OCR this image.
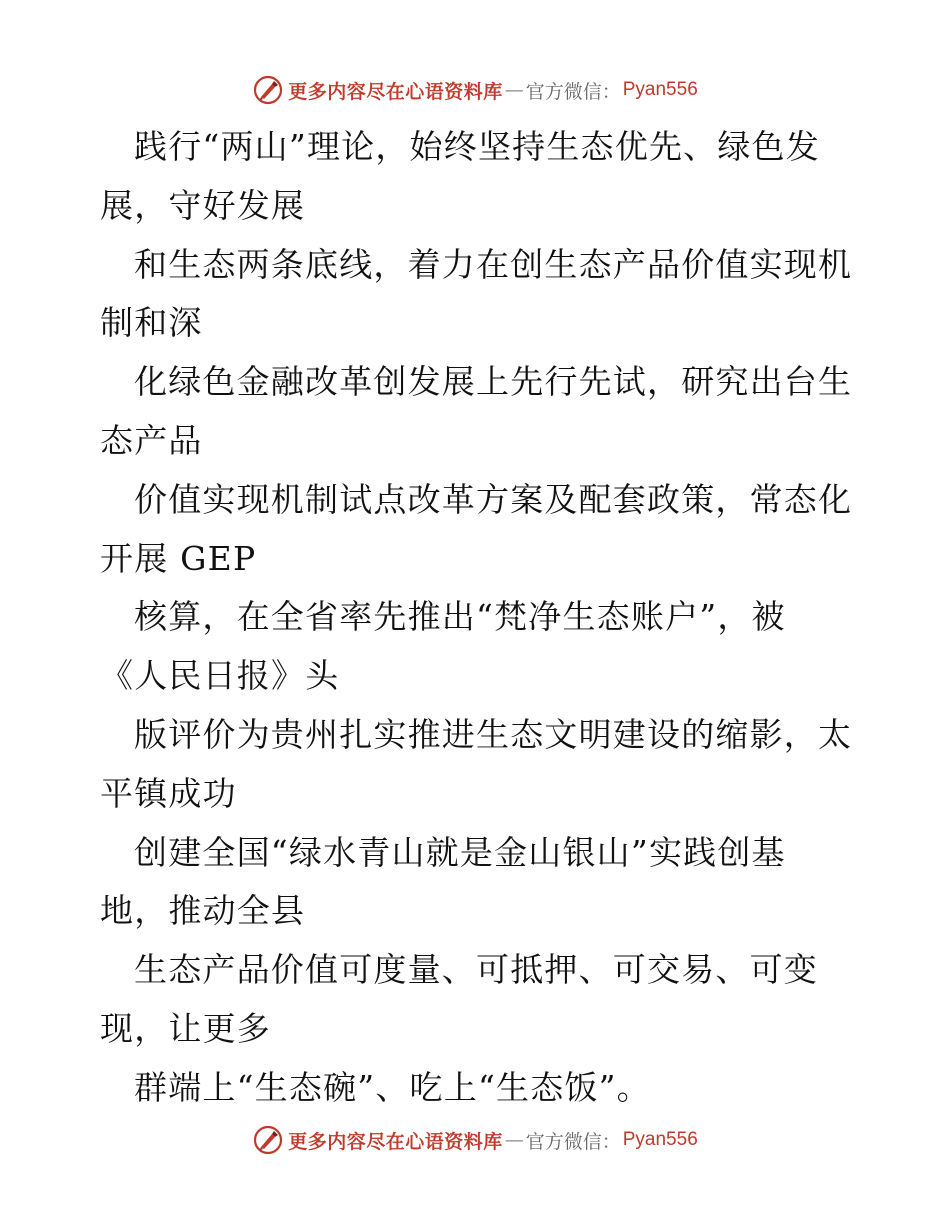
更多内容尽在心语资料库 — 官方微信： Pyan556
践行“两山”理论，始终坚持生态优先、绿色发
展，守好发展
和生态两条底线，着力在创生态产品价值实现机
制和深
化绿色金融改革创发展上先行先试，研究出台生
态产品
价值实现机制试点改革方案及配套政策，常态化
开展 GEP
核算，在全省率先推出“梵净生态账户”，被
《人民日报》头
版评价为贵州扎实推进生态文明建设的缩影，太
平镇成功
创建全国“绿水青山就是金山银山”实践创基
地，推动全县
生态产品价值可度量、可抵押、可交易、可变
现，让更多
群端上“生态碗”、吃上“生态饭”。
更多内容尽在心语资料库 — 官方微信： Pyan556
